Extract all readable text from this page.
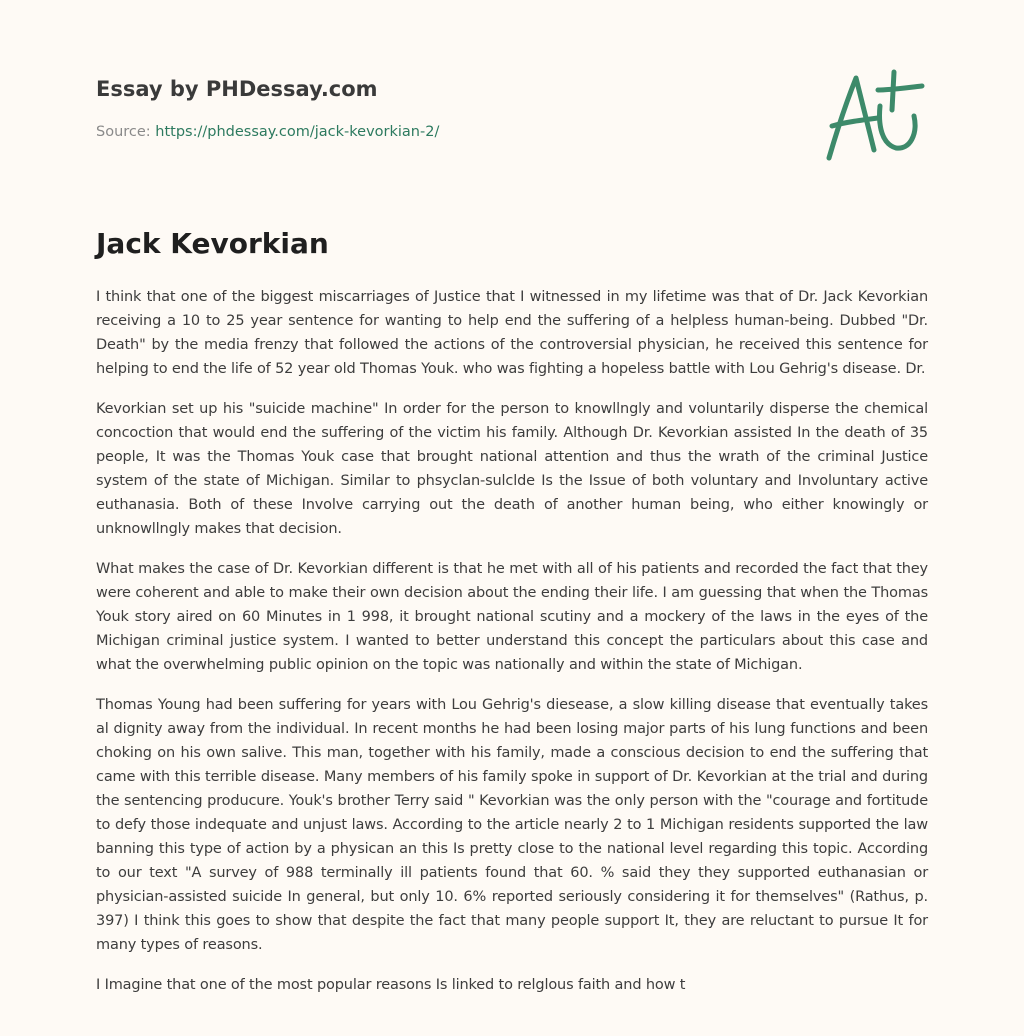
Essay by PHDessay.com
Source: https://phdessay.com/jack-kevorkian-2/
Jack Kevorkian

I think that one of the biggest miscarriages of Justice that I witnessed in my lifetime was that of Dr. Jack Kevorkian receiving a 10 to 25 year sentence for wanting to help end the suffering of a helpless human-being. Dubbed "Dr. Death" by the media frenzy that followed the actions of the controversial physician, he received this sentence for helping to end the life of 52 year old Thomas Youk. who was fighting a hopeless battle with Lou Gehrig's disease. Dr.

Kevorkian set up his "suicide machine" In order for the person to knowllngly and voluntarily disperse the chemical concoction that would end the suffering of the victim his family. Although Dr. Kevorkian assisted In the death of 35 people, It was the Thomas Youk case that brought national attention and thus the wrath of the criminal Justice system of the state of Michigan. Similar to phsyclan-sulclde Is the Issue of both voluntary and Involuntary active euthanasia. Both of these Involve carrying out the death of another human being, who either knowingly or unknowllngly makes that decision.

What makes the case of Dr. Kevorkian different is that he met with all of his patients and recorded the fact that they were coherent and able to make their own decision about the ending their life. I am guessing that when the Thomas Youk story aired on 60 Minutes in 1 998, it brought national scutiny and a mockery of the laws in the eyes of the Michigan criminal justice system. I wanted to better understand this concept the particulars about this case and what the overwhelming public opinion on the topic was nationally and within the state of Michigan.

Thomas Young had been suffering for years with Lou Gehrig's diesease, a slow killing disease that eventually takes al dignity away from the individual. In recent months he had been losing major parts of his lung functions and been choking on his own salive. This man, together with his family, made a conscious decision to end the suffering that came with this terrible disease. Many members of his family spoke in support of Dr. Kevorkian at the trial and during the sentencing producure. Youk's brother Terry said " Kevorkian was the only person with the "courage and fortitude to defy those indequate and unjust laws. According to the article nearly 2 to 1 Michigan residents supported the law banning this type of action by a physican an this Is pretty close to the national level regarding this topic. According to our text "A survey of 988 terminally ill patients found that 60. % said they they supported euthanasian or physician-assisted suicide In general, but only 10. 6% reported seriously considering it for themselves" (Rathus, p. 397) I think this goes to show that despite the fact that many people support It, they are reluctant to pursue It for many types of reasons.

I Imagine that one of the most popular reasons Is linked to relglous faith and how t
